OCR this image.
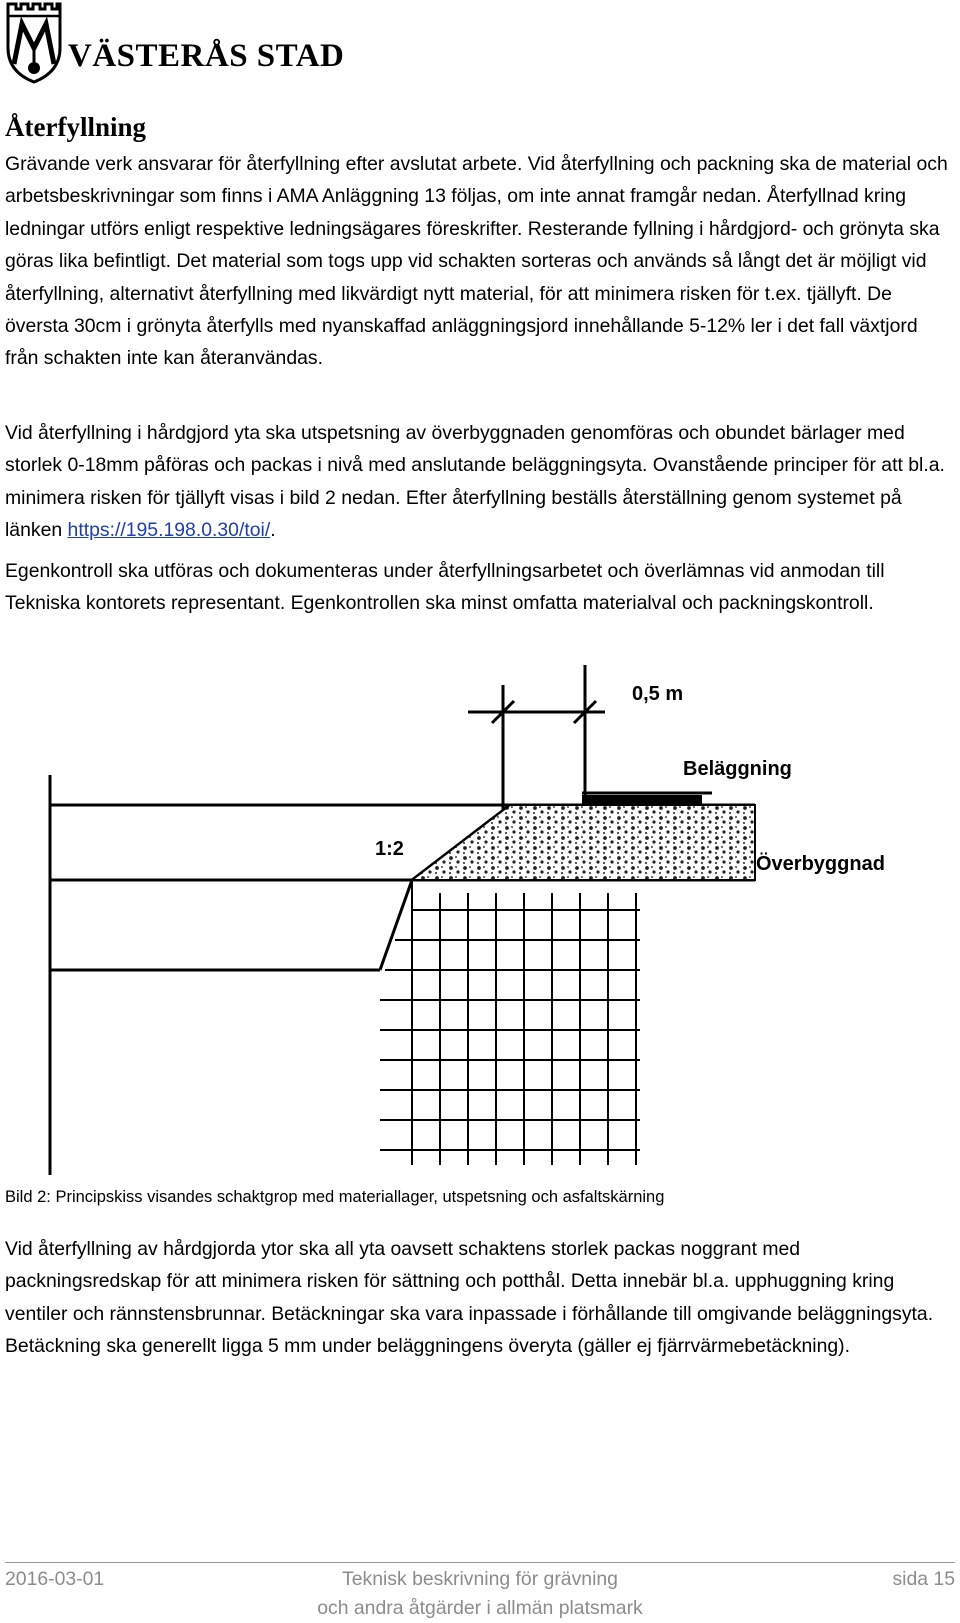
VÄSTERÅS STAD
Återfyllning

Grävande verk ansvarar för återfyllning efter avslutat arbete. Vid återfyllning och packning ska de material och arbetsbeskrivningar som finns i AMA Anläggning 13 följas, om inte annat framgår nedan. Återfyllnad kring ledningar utförs enligt respektive ledningsägares föreskrifter. Resterande fyllning i hårdgjord- och grönyta ska göras lika befintligt. Det material som togs upp vid schakten sorteras och används så långt det är möjligt vid återfyllning, alternativt återfyllning med likvärdigt nytt material, för att minimera risken för t.ex. tjällyft. De översta 30cm i grönyta återfylls med nyanskaffad anläggningsjord innehållande 5-12% ler i det fall växtjord från schakten inte kan återanvändas.

Vid återfyllning i hårdgjord yta ska utspetsning av överbyggnaden genomföras och obundet bärlager med storlek 0-18mm påföras och packas i nivå med anslutande beläggningsyta. Ovanstående principer för att bl.a. minimera risken för tjällyft visas i bild 2 nedan. Efter återfyllning beställs återställning genom systemet på länken https://195.198.0.30/toi/.

Egenkontroll ska utföras och dokumenteras under återfyllningsarbetet och överlämnas vid anmodan till Tekniska kontorets representant. Egenkontrollen ska minst omfatta materialval och packningskontroll.

0,5 m
Beläggning
1:2
Överbyggnad

Bild 2: Principskiss visandes schaktgrop med materiallager, utspetsning och asfaltskärning

Vid återfyllning av hårdgjorda ytor ska all yta oavsett schaktens storlek packas noggrant med packningsredskap för att minimera risken för sättning och potthål. Detta innebär bl.a. upphuggning kring ventiler och rännstensbrunnar. Betäckningar ska vara inpassade i förhållande till omgivande beläggningsyta. Betäckning ska generellt ligga 5 mm under beläggningens överyta (gäller ej fjärrvärmebetäckning).

2016-03-01	Teknisk beskrivning för grävning
och andra åtgärder i allmän platsmark
sida 15
